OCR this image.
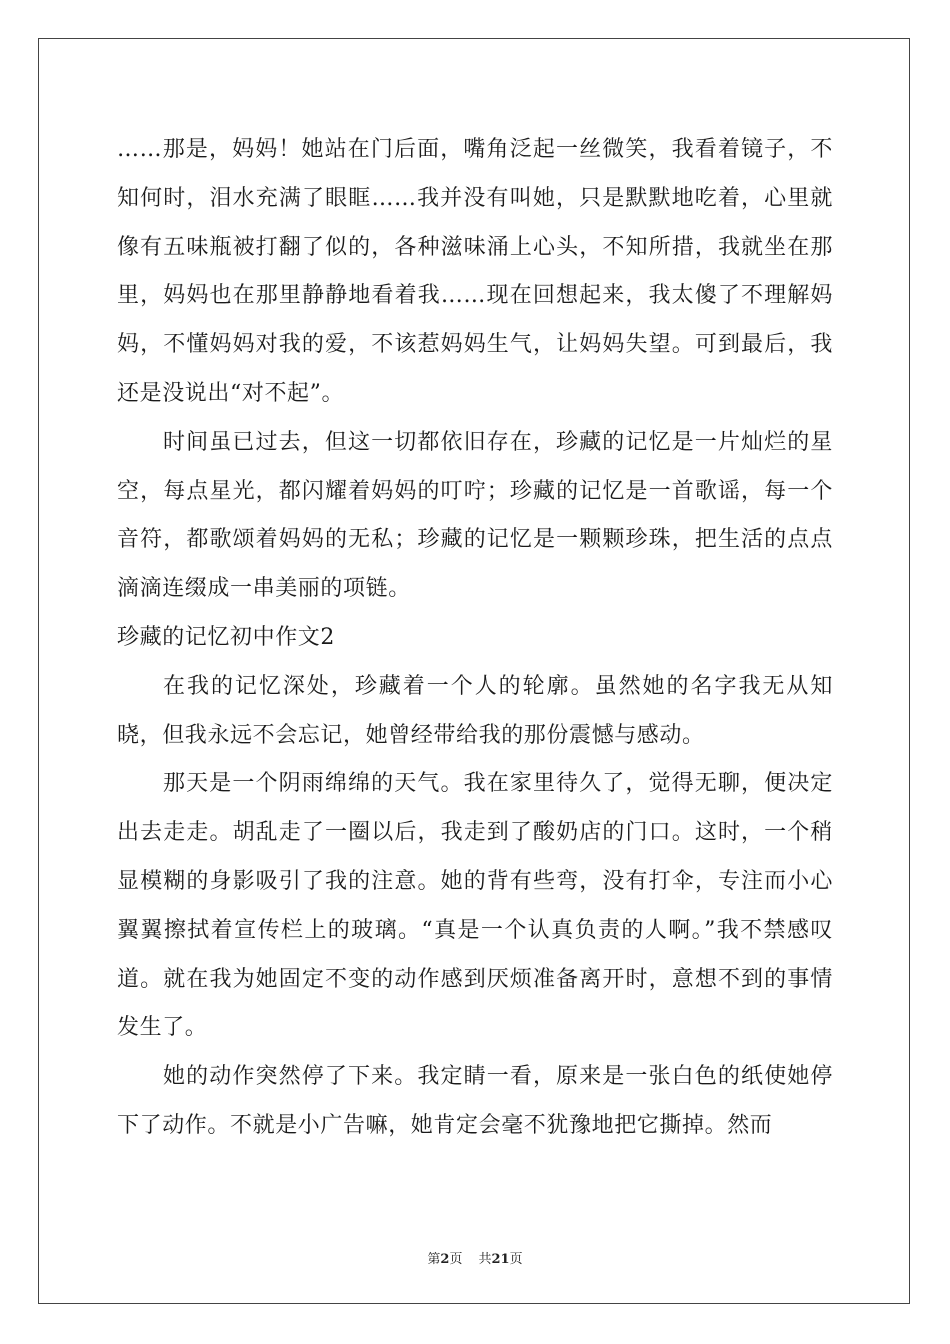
……那是，妈妈！她站在门后面，嘴角泛起一丝微笑，我看着镜子，不知何时，泪水充满了眼眶……我并没有叫她，只是默默地吃着，心里就像有五味瓶被打翻了似的，各种滋味涌上心头，不知所措，我就坐在那里，妈妈也在那里静静地看着我……现在回想起来，我太傻了不理解妈妈，不懂妈妈对我的爱，不该惹妈妈生气，让妈妈失望。可到最后，我还是没说出“对不起”。

时间虽已过去，但这一切都依旧存在，珍藏的记忆是一片灿烂的星空，每点星光，都闪耀着妈妈的叮咛；珍藏的记忆是一首歌谣，每一个音符，都歌颂着妈妈的无私；珍藏的记忆是一颗颗珍珠，把生活的点点滴滴连缀成一串美丽的项链。

珍藏的记忆初中作文2

在我的记忆深处，珍藏着一个人的轮廓。虽然她的名字我无从知晓，但我永远不会忘记，她曾经带给我的那份震憾与感动。

那天是一个阴雨绵绵的天气。我在家里待久了，觉得无聊，便决定出去走走。胡乱走了一圈以后，我走到了酸奶店的门口。这时，一个稍显模糊的身影吸引了我的注意。她的背有些弯，没有打伞，专注而小心翼翼擦拭着宣传栏上的玻璃。“真是一个认真负责的人啊。”我不禁感叹道。就在我为她固定不变的动作感到厌烦准备离开时，意想不到的事情发生了。

她的动作突然停了下来。我定睛一看，原来是一张白色的纸使她停下了动作。不就是小广告嘛，她肯定会毫不犹豫地把它撕掉。然而

第2页 共21页
